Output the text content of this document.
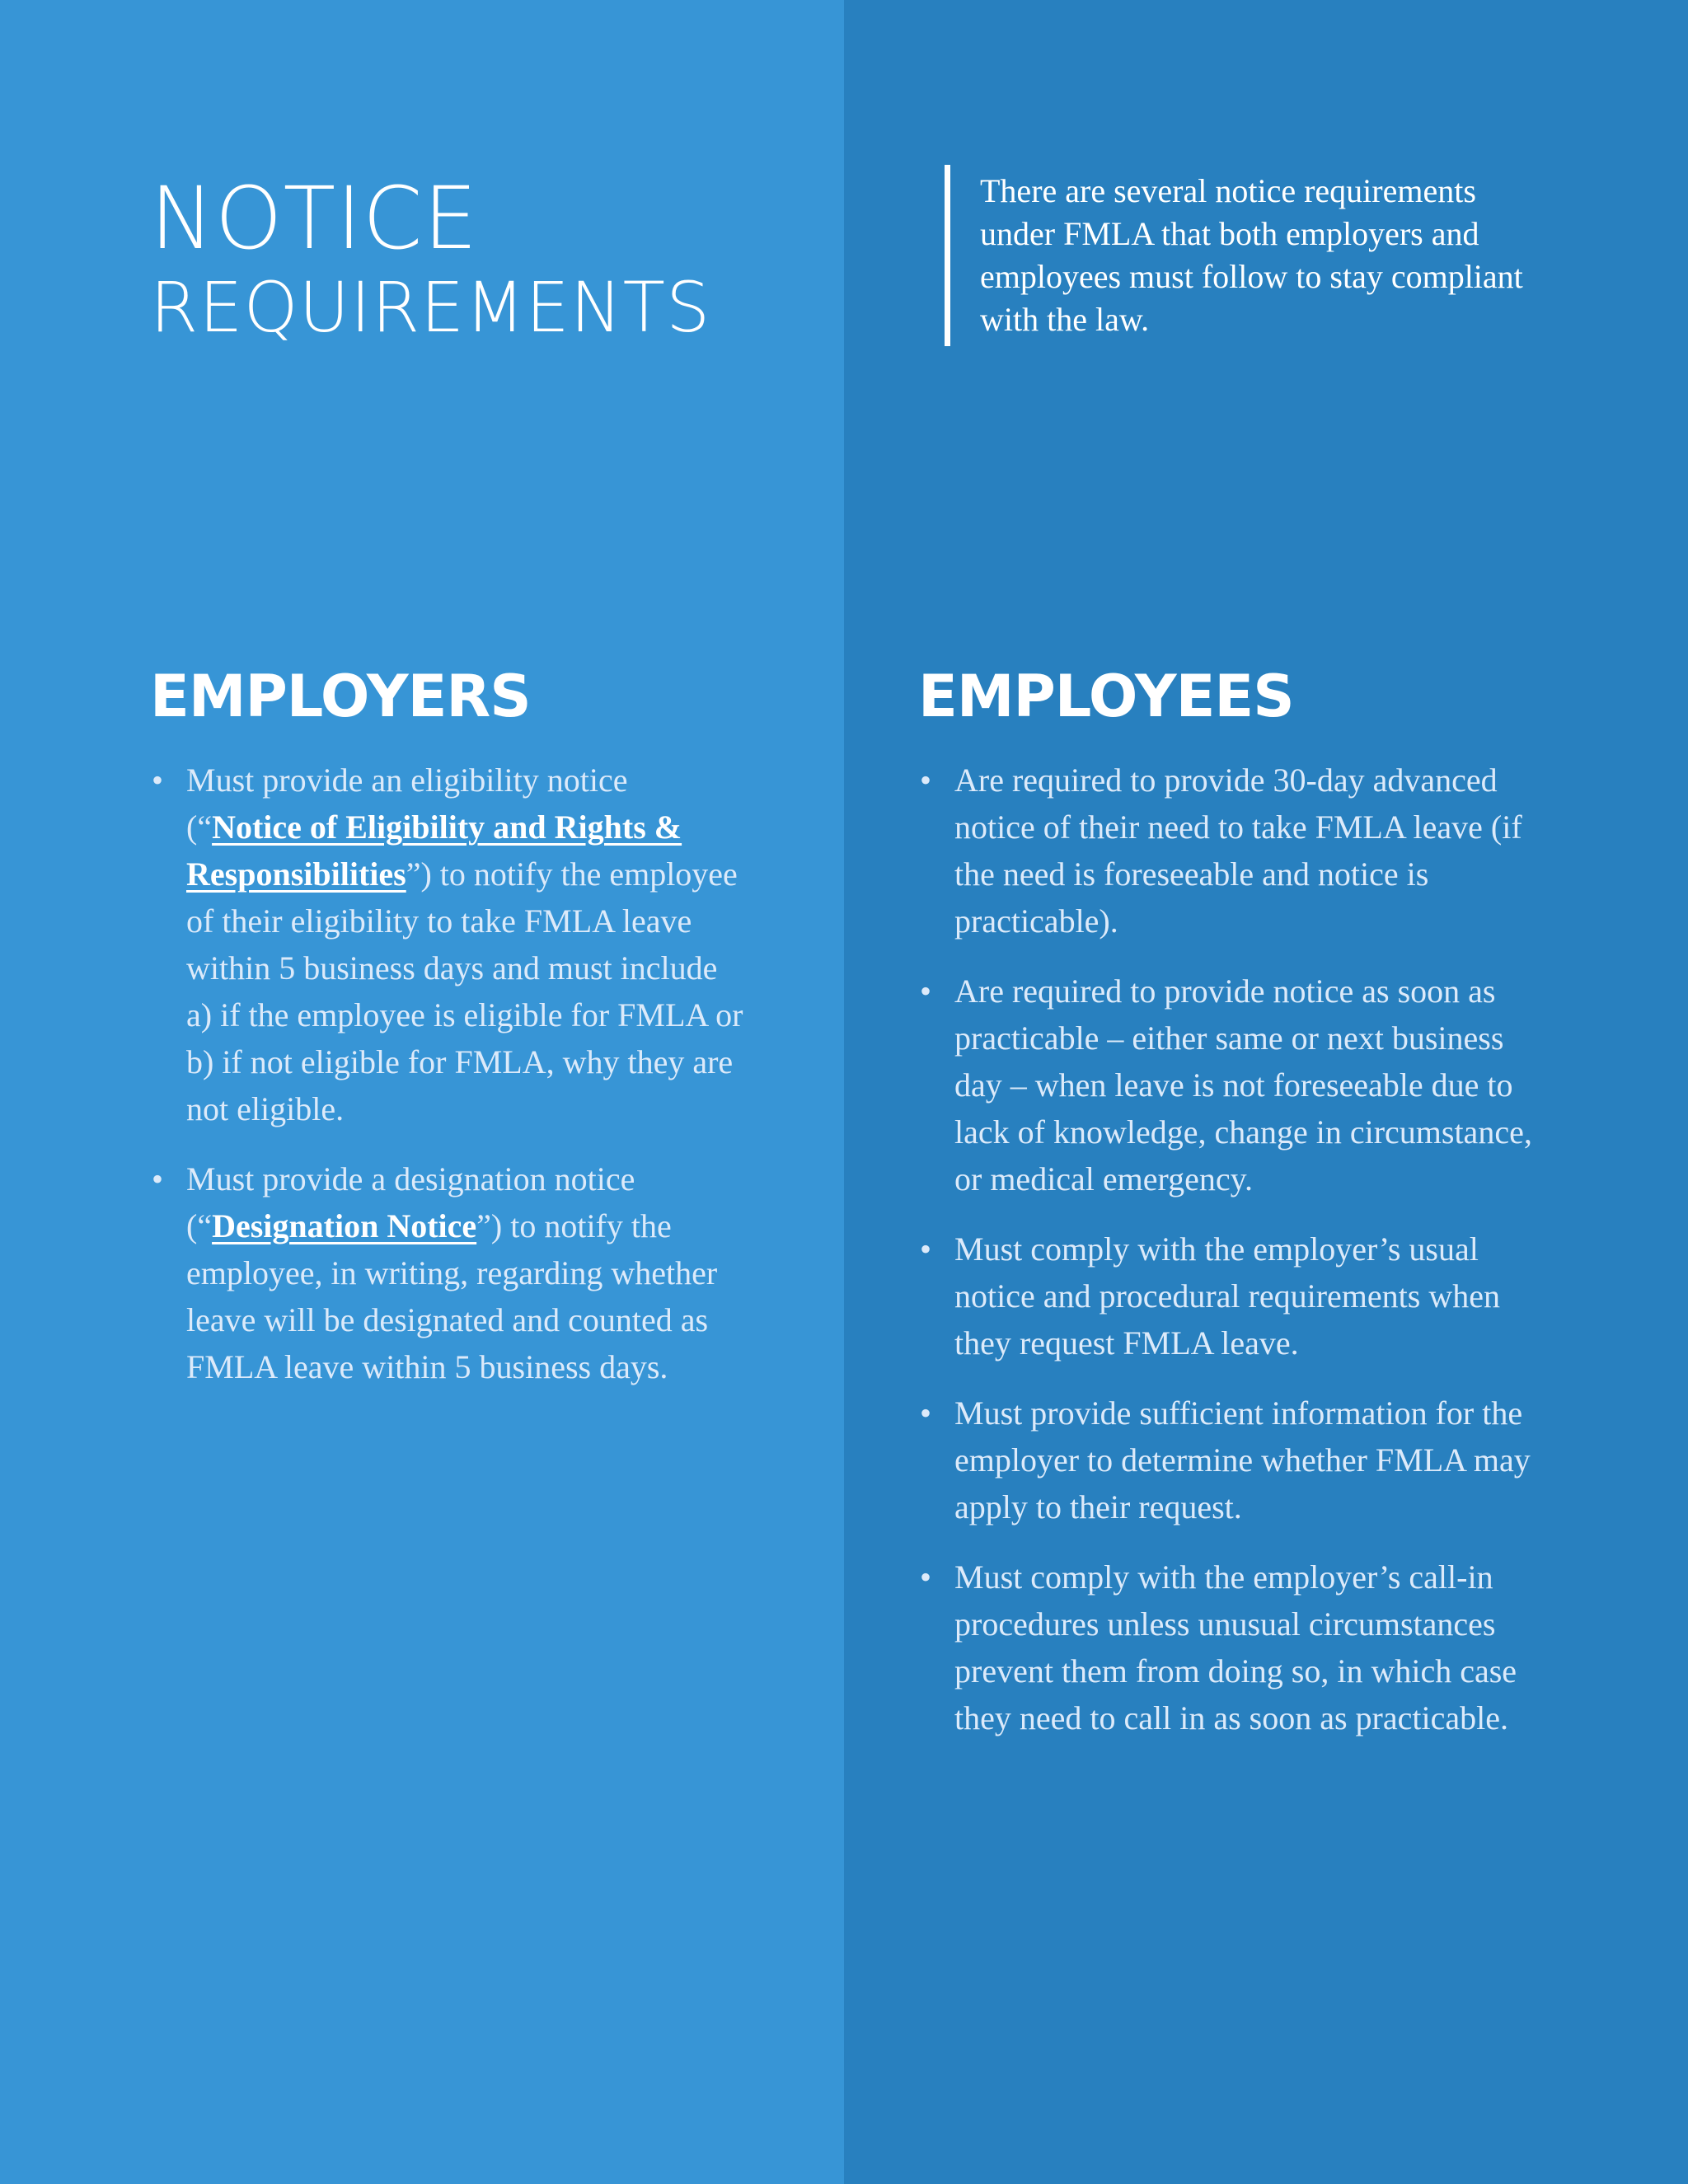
NOTICE
REQUIREMENTS

There are several notice requirements under FMLA that both employers and employees must follow to stay compliant with the law.

EMPLOYERS
• Must provide an eligibility notice (“Notice of Eligibility and Rights & Responsibilities”) to notify the employee of their eligibility to take FMLA leave within 5 business days and must include a) if the employee is eligible for FMLA or b) if not eligible for FMLA, why they are not eligible.
• Must provide a designation notice (“Designation Notice”) to notify the employee, in writing, regarding whether leave will be designated and counted as FMLA leave within 5 business days.
EMPLOYEES
• Are required to provide 30-day advanced notice of their need to take FMLA leave (if the need is foreseeable and notice is practicable).
• Are required to provide notice as soon as practicable – either same or next business day – when leave is not foreseeable due to lack of knowledge, change in circumstance, or medical emergency.
• Must comply with the employer’s usual notice and procedural requirements when they request FMLA leave.
• Must provide sufficient information for the employer to determine whether FMLA may apply to their request.
• Must comply with the employer’s call-in procedures unless unusual circumstances prevent them from doing so, in which case they need to call in as soon as practicable.
